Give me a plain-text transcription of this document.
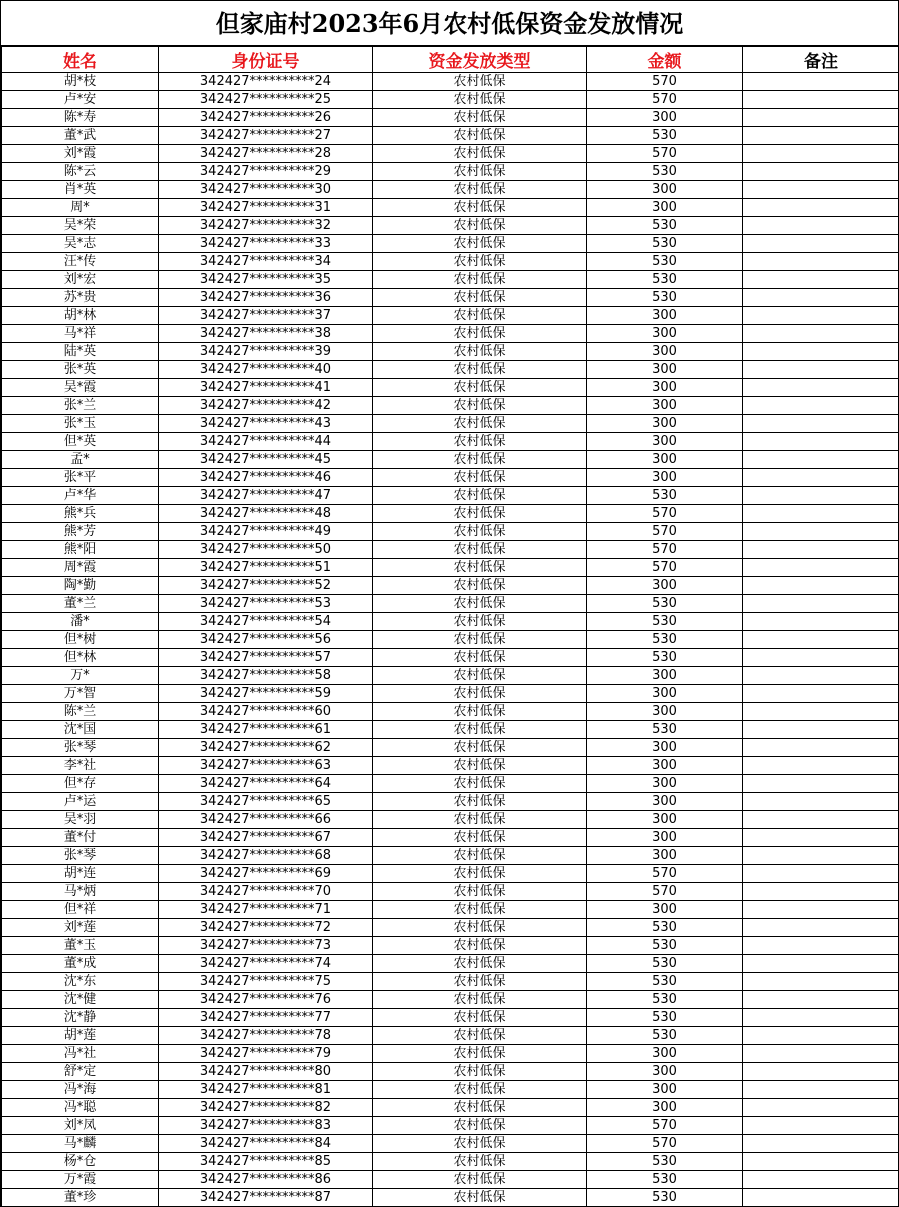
但家庙村2023年6月农村低保资金发放情况
姓名	身份证号	资金发放类型	金额	备注
胡*枝	342427**********24	农村低保	570	
卢*安	342427**********25	农村低保	570	
陈*寿	342427**********26	农村低保	300	
董*武	342427**********27	农村低保	530	
刘*霞	342427**********28	农村低保	570	
陈*云	342427**********29	农村低保	530	
肖*英	342427**********30	农村低保	300	
周*	342427**********31	农村低保	300	
吴*荣	342427**********32	农村低保	530	
吴*志	342427**********33	农村低保	530	
汪*传	342427**********34	农村低保	530	
刘*宏	342427**********35	农村低保	530	
苏*贵	342427**********36	农村低保	530	
胡*林	342427**********37	农村低保	300	
马*祥	342427**********38	农村低保	300	
陆*英	342427**********39	农村低保	300	
张*英	342427**********40	农村低保	300	
吴*霞	342427**********41	农村低保	300	
张*兰	342427**********42	农村低保	300	
张*玉	342427**********43	农村低保	300	
但*英	342427**********44	农村低保	300	
孟*	342427**********45	农村低保	300	
张*平	342427**********46	农村低保	300	
卢*华	342427**********47	农村低保	530	
熊*兵	342427**********48	农村低保	570	
熊*芳	342427**********49	农村低保	570	
熊*阳	342427**********50	农村低保	570	
周*霞	342427**********51	农村低保	570	
陶*勤	342427**********52	农村低保	300	
董*兰	342427**********53	农村低保	530	
潘*	342427**********54	农村低保	530	
但*树	342427**********56	农村低保	530	
但*林	342427**********57	农村低保	530	
万*	342427**********58	农村低保	300	
万*智	342427**********59	农村低保	300	
陈*兰	342427**********60	农村低保	300	
沈*国	342427**********61	农村低保	530	
张*琴	342427**********62	农村低保	300	
李*社	342427**********63	农村低保	300	
但*存	342427**********64	农村低保	300	
卢*运	342427**********65	农村低保	300	
吴*羽	342427**********66	农村低保	300	
董*付	342427**********67	农村低保	300	
张*琴	342427**********68	农村低保	300	
胡*连	342427**********69	农村低保	570	
马*炳	342427**********70	农村低保	570	
但*祥	342427**********71	农村低保	300	
刘*莲	342427**********72	农村低保	530	
董*玉	342427**********73	农村低保	530	
董*成	342427**********74	农村低保	530	
沈*东	342427**********75	农村低保	530	
沈*健	342427**********76	农村低保	530	
沈*静	342427**********77	农村低保	530	
胡*莲	342427**********78	农村低保	530	
冯*社	342427**********79	农村低保	300	
舒*定	342427**********80	农村低保	300	
冯*海	342427**********81	农村低保	300	
冯*聪	342427**********82	农村低保	300	
刘*凤	342427**********83	农村低保	570	
马*麟	342427**********84	农村低保	570	
杨*仓	342427**********85	农村低保	530	
万*霞	342427**********86	农村低保	530	
董*珍	342427**********87	农村低保	530	
